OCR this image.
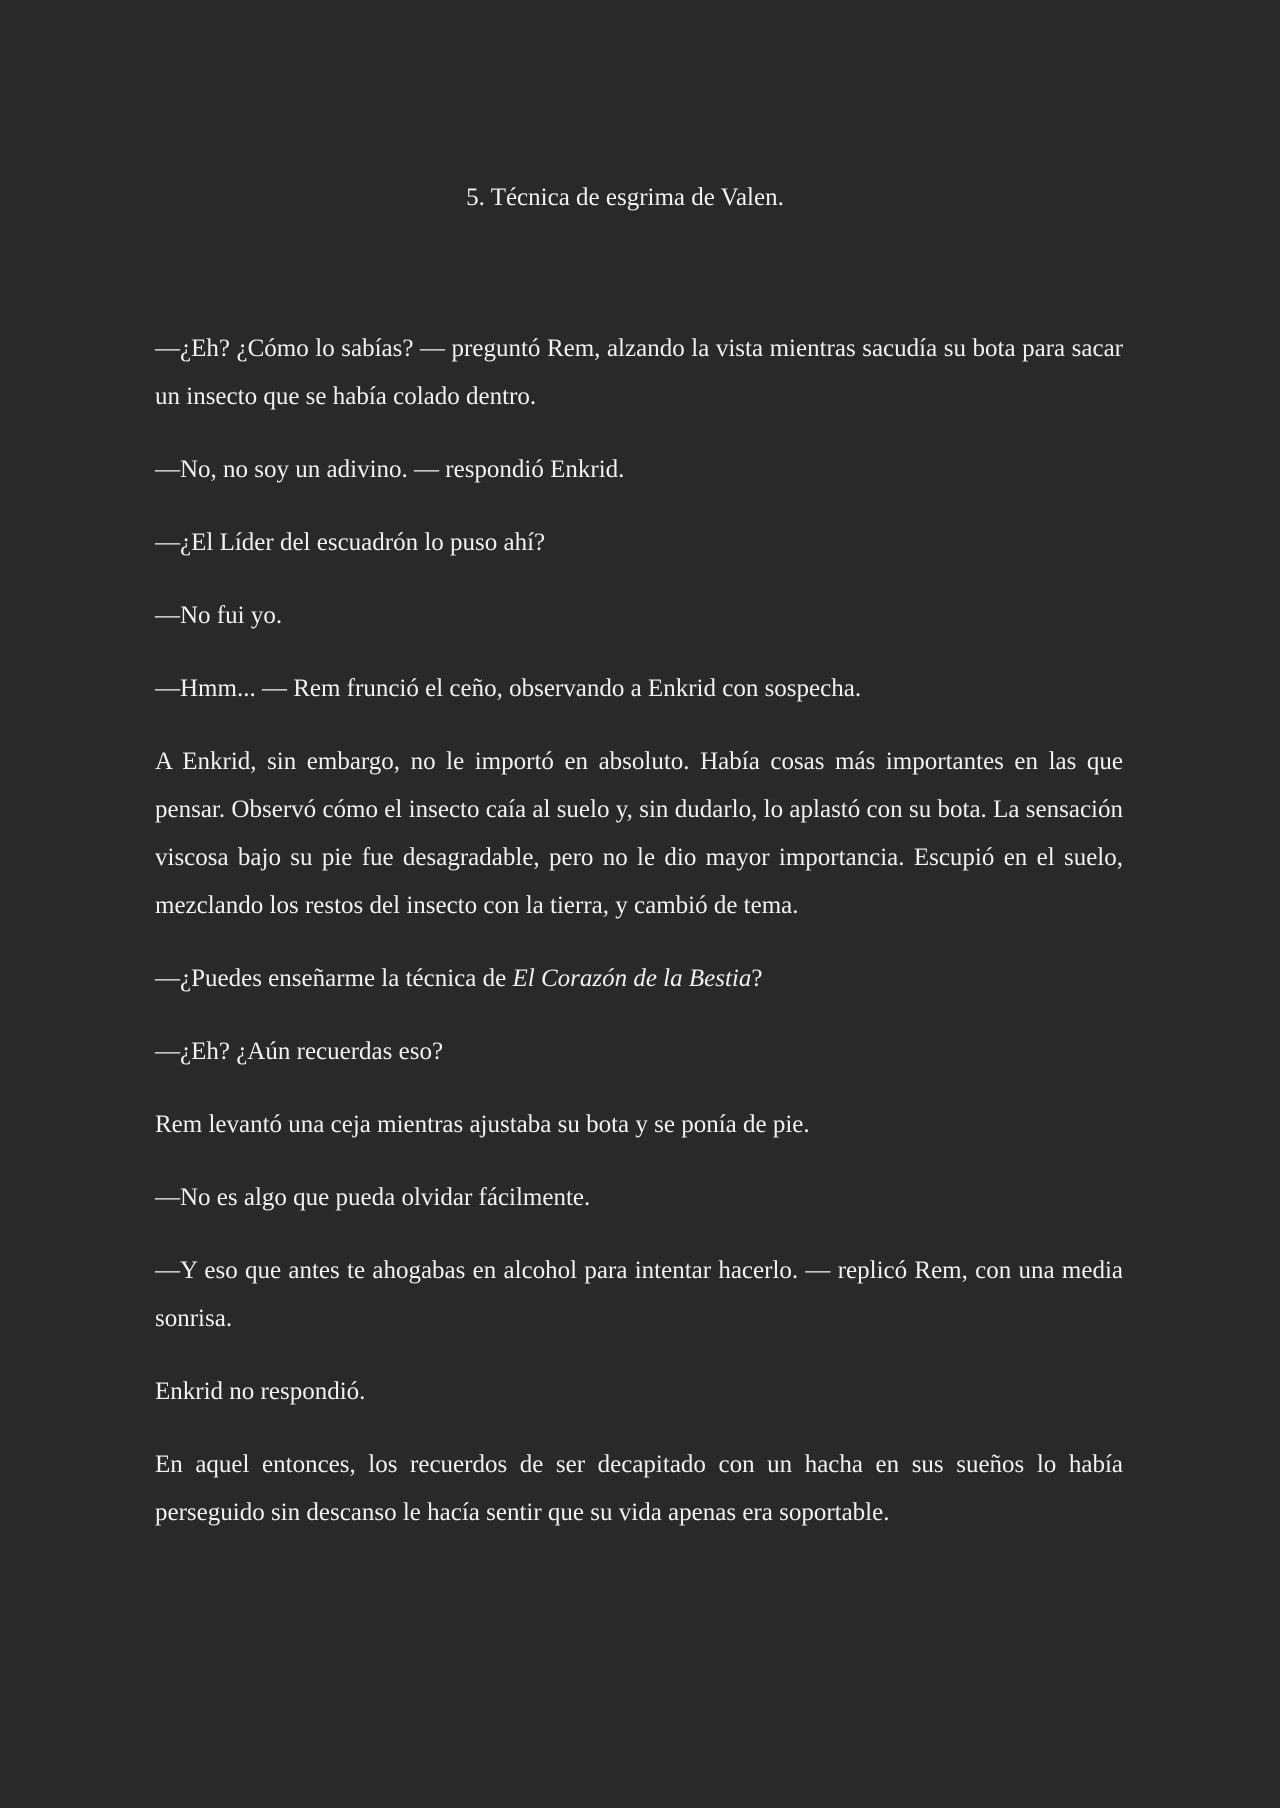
5. Técnica de esgrima de Valen.

—¿Eh? ¿Cómo lo sabías? — preguntó Rem, alzando la vista mientras sacudía su bota para sacar un insecto que se había colado dentro.

—No, no soy un adivino. — respondió Enkrid.

—¿El Líder del escuadrón lo puso ahí?

—No fui yo.

—Hmm... — Rem frunció el ceño, observando a Enkrid con sospecha.

A Enkrid, sin embargo, no le importó en absoluto. Había cosas más importantes en las que pensar. Observó cómo el insecto caía al suelo y, sin dudarlo, lo aplastó con su bota. La sensación viscosa bajo su pie fue desagradable, pero no le dio mayor importancia. Escupió en el suelo, mezclando los restos del insecto con la tierra, y cambió de tema.

—¿Puedes enseñarme la técnica de El Corazón de la Bestia?

—¿Eh? ¿Aún recuerdas eso?

Rem levantó una ceja mientras ajustaba su bota y se ponía de pie.

—No es algo que pueda olvidar fácilmente.

—Y eso que antes te ahogabas en alcohol para intentar hacerlo. — replicó Rem, con una media sonrisa.

Enkrid no respondió.

En aquel entonces, los recuerdos de ser decapitado con un hacha en sus sueños lo había perseguido sin descanso le hacía sentir que su vida apenas era soportable.
